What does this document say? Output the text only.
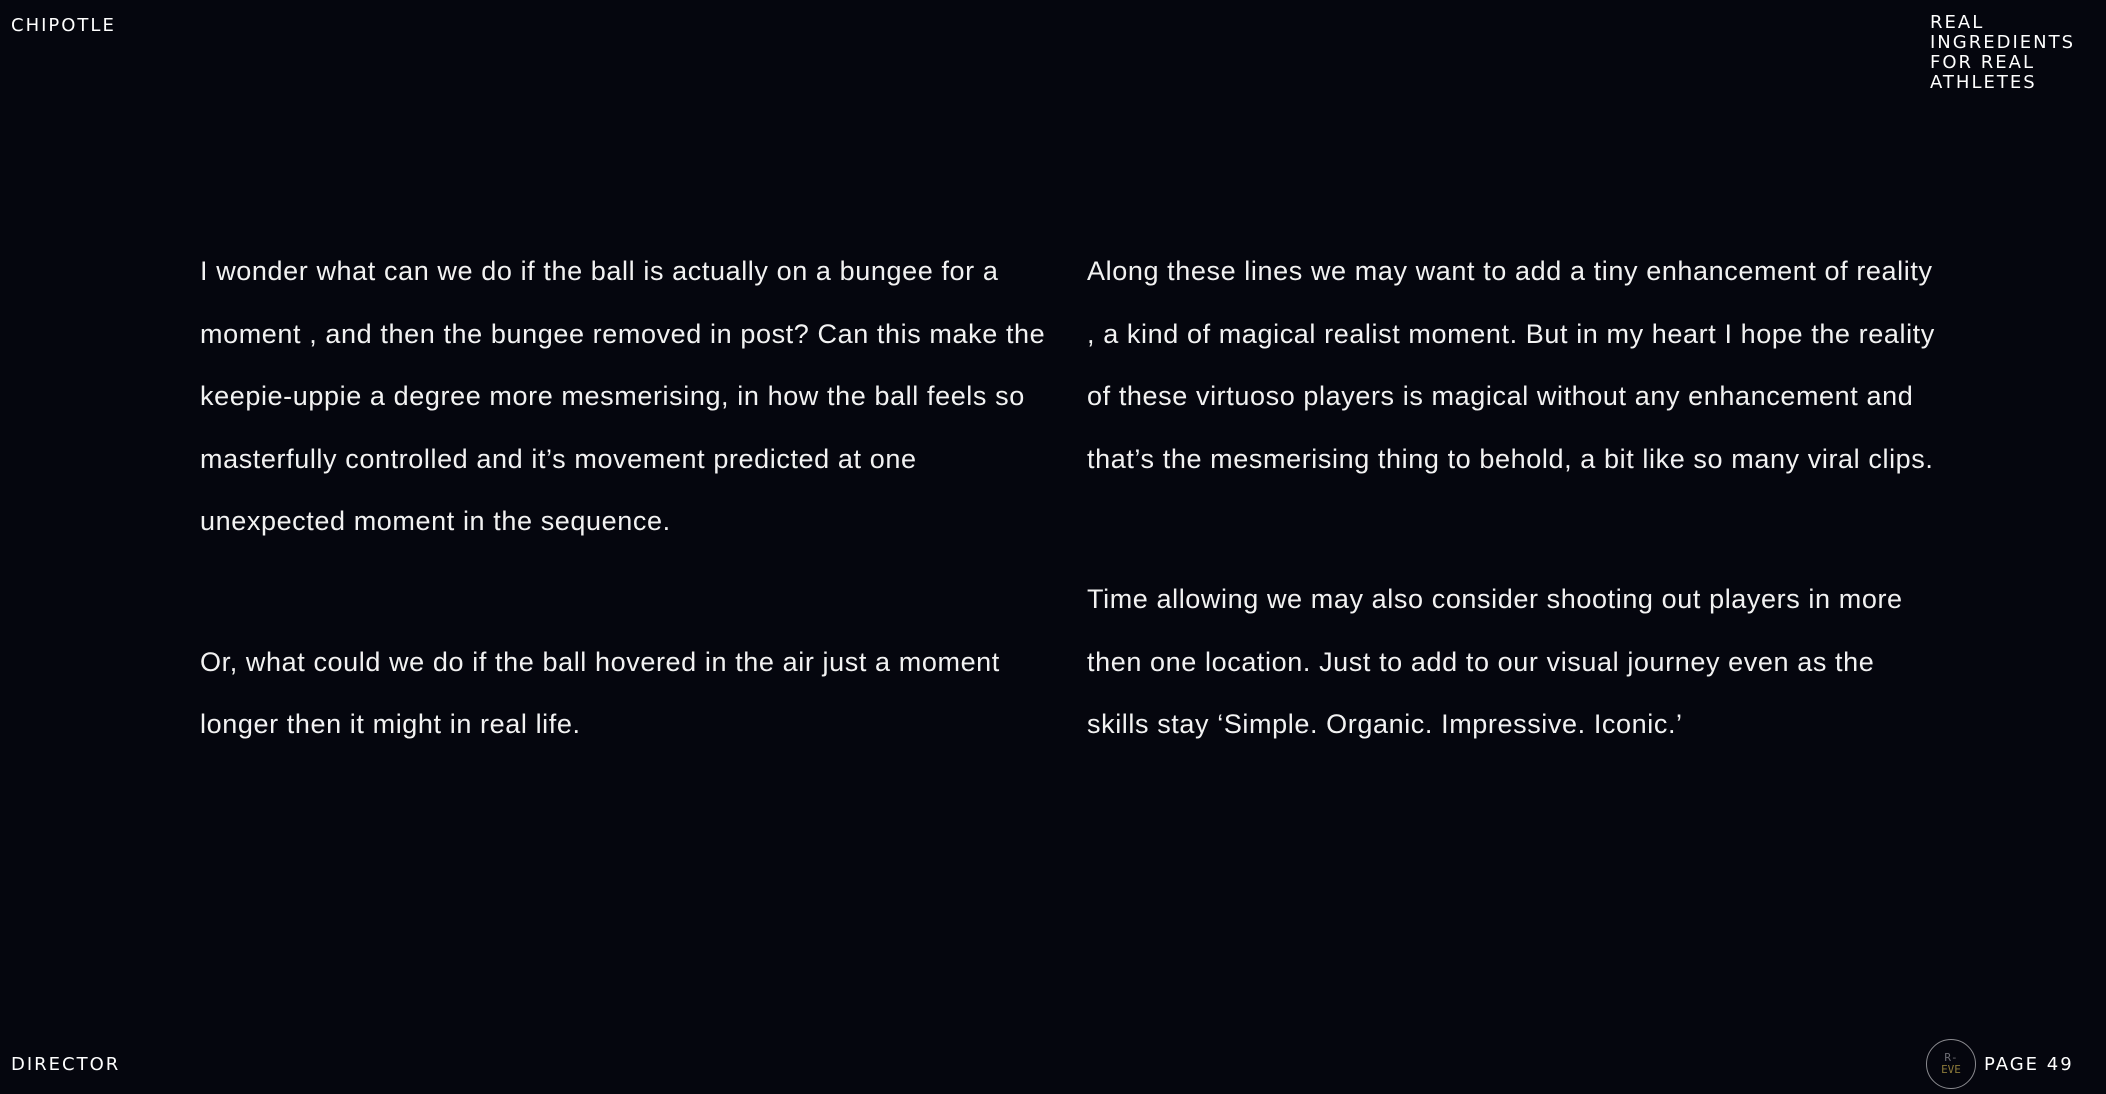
CHIPOTLE	REAL
INGREDIENTS
FOR REAL
ATHLETES

I wonder what can we do if the ball is actually on a bungee for a moment , and then the bungee removed in post? Can this make the keepie-uppie a degree more mesmerising, in how the ball feels so masterfully controlled and it’s movement predicted at one unexpected moment in the sequence.

Or, what could we do if the ball hovered in the air just a moment longer then it might in real life.

Along these lines we may want to add a tiny enhancement of reality , a kind of magical realist moment. But in my heart I hope the reality of these virtuoso players is magical without any enhancement and that’s the mesmerising thing to behold, a bit like so many viral clips.

Time allowing we may also consider shooting out players in more then one location. Just to add to our visual journey even as the skills stay ‘Simple. Organic. Impressive. Iconic.’

DIRECTOR	R-
EVE PAGE 49
